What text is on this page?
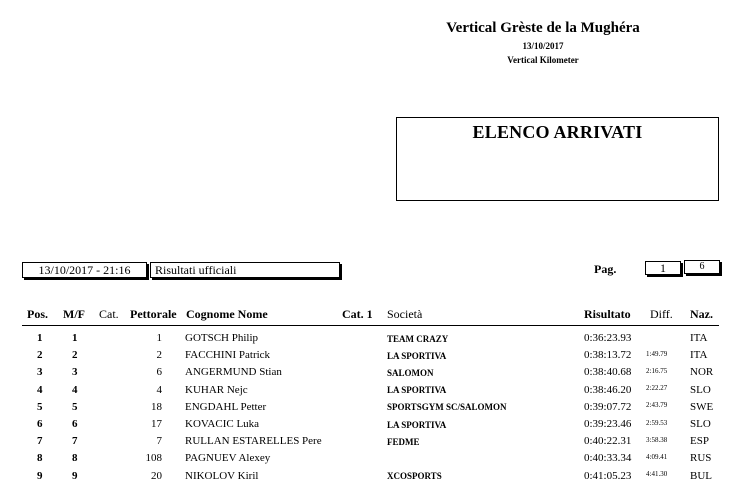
Vertical Grèste de la Mughéra
13/10/2017
Vertical Kilometer
ELENCO ARRIVATI
13/10/2017 - 21:16	Risultati ufficiali	Pag.	1	6
Pos. M/F Cat. Pettorale Cognome Nome	Cat. 1 Società	Risultato Diff. Naz.
1	1	1 GOTSCH Philip	TEAM CRAZY	0:36:23.93	ITA
2	2	2 FACCHINI Patrick	LA SPORTIVA	0:38:13.72 1:49.79 ITA
3	3	6 ANGERMUND Stian	SALOMON	0:38:40.68 2:16.75 NOR
4	4	4 KUHAR Nejc	LA SPORTIVA	0:38:46.20 2:22.27 SLO
5	5	18 ENGDAHL Petter	SPORTSGYM SC/SALOMON	0:39:07.72 2:43.79 SWE
6	6	17 KOVACIC Luka	LA SPORTIVA	0:39:23.46 2:59.53 SLO
7	7	7 RULLAN ESTARELLES Pere	FEDME	0:40:22.31 3:58.38 ESP
8	8	108 PAGNUEV Alexey	0:40:33.34 4:09.41 RUS
9	9	20 NIKOLOV Kiril	XCOSPORTS	0:41:05.23 4:41.30 BUL
